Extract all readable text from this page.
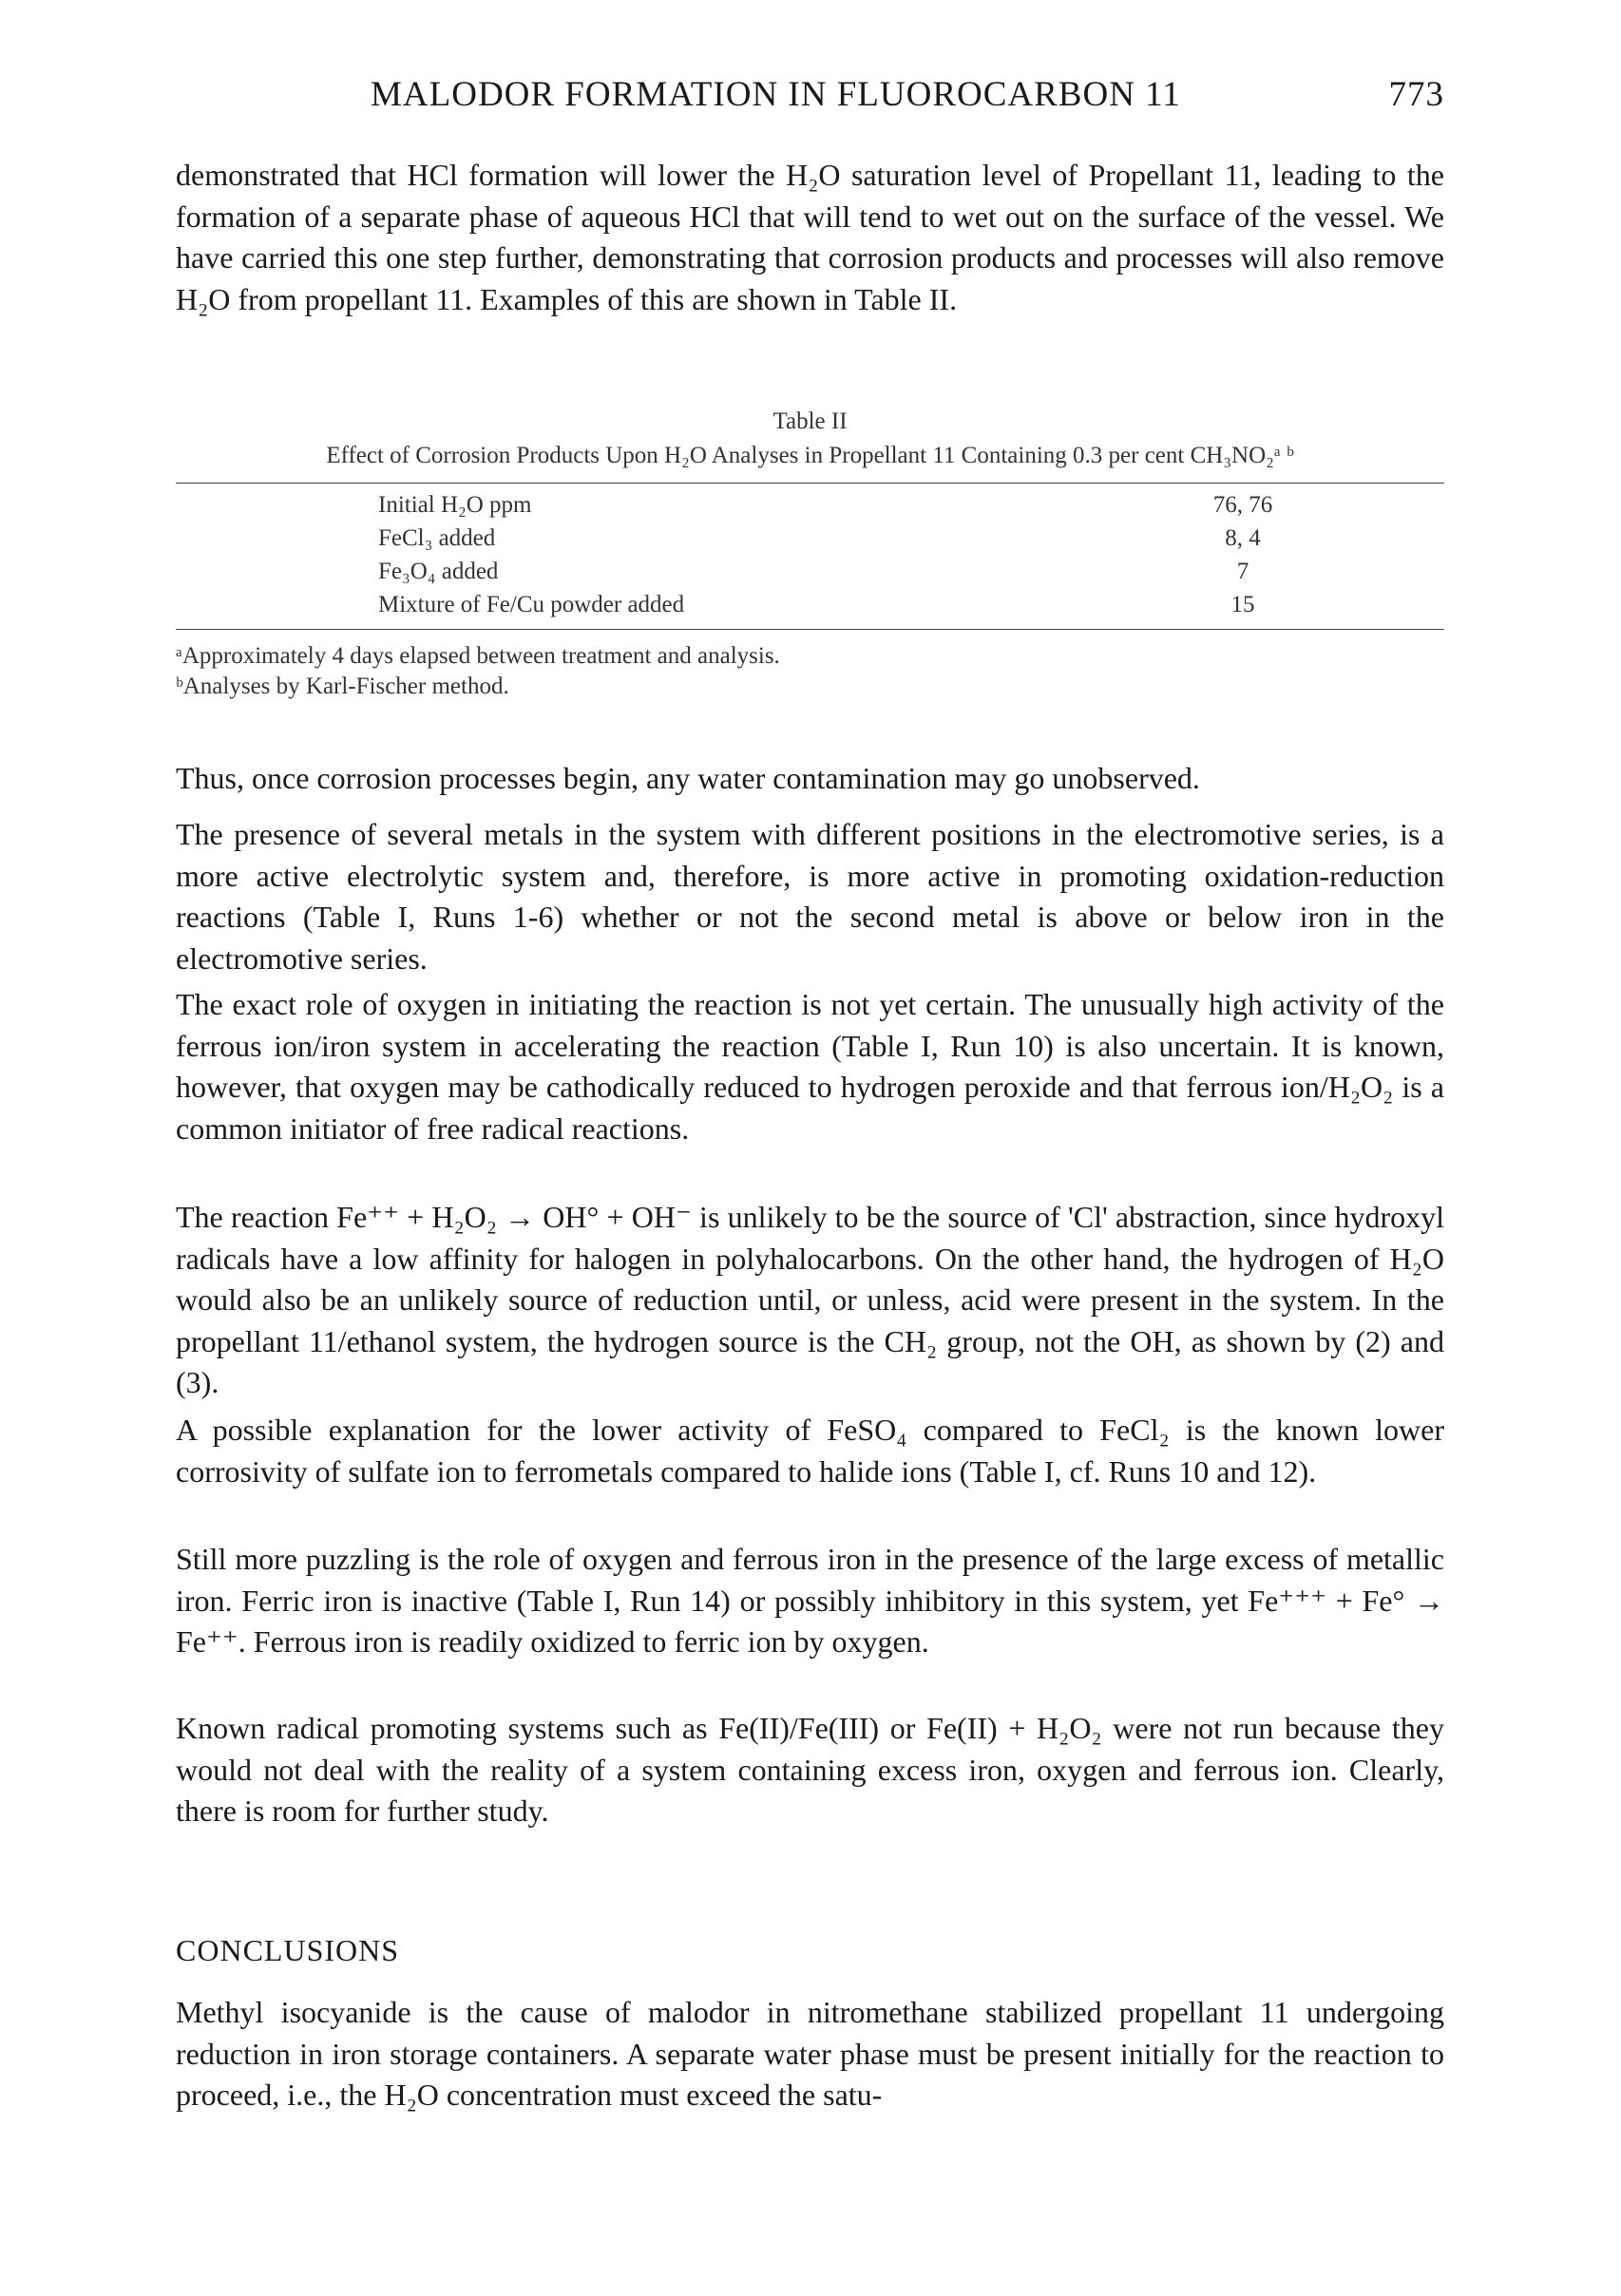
MALODOR FORMATION IN FLUOROCARBON 11	773

demonstrated that HCl formation will lower the H₂O saturation level of Propellant 11, leading to the formation of a separate phase of aqueous HCl that will tend to wet out on the surface of the vessel. We have carried this one step further, demonstrating that corrosion products and processes will also remove H₂O from propellant 11. Examples of this are shown in Table II.

Table II
Effect of Corrosion Products Upon H₂O Analyses in Propellant 11 Containing 0.3 per cent CH₃NO₂ᵃ ᵇ
Initial H₂O ppm	76, 76
FeCl₃ added	8, 4
Fe₃O₄ added	7
Mixture of Fe/Cu powder added	15
ᵃApproximately 4 days elapsed between treatment and analysis.
ᵇAnalyses by Karl-Fischer method.

Thus, once corrosion processes begin, any water contamination may go unobserved.

The presence of several metals in the system with different positions in the electromotive series, is a more active electrolytic system and, therefore, is more active in promoting oxidation-reduction reactions (Table I, Runs 1-6) whether or not the second metal is above or below iron in the electromotive series.

The exact role of oxygen in initiating the reaction is not yet certain. The unusually high activity of the ferrous ion/iron system in accelerating the reaction (Table I, Run 10) is also uncertain. It is known, however, that oxygen may be cathodically reduced to hydrogen peroxide and that ferrous ion/H₂O₂ is a common initiator of free radical reactions.

The reaction Fe⁺⁺ + H₂O₂ → OH° + OH⁻ is unlikely to be the source of 'Cl' abstraction, since hydroxyl radicals have a low affinity for halogen in polyhalocarbons. On the other hand, the hydrogen of H₂O would also be an unlikely source of reduction until, or unless, acid were present in the system. In the propellant 11/ethanol system, the hydrogen source is the CH₂ group, not the OH, as shown by (2) and (3).

A possible explanation for the lower activity of FeSO₄ compared to FeCl₂ is the known lower corrosivity of sulfate ion to ferrometals compared to halide ions (Table I, cf. Runs 10 and 12).

Still more puzzling is the role of oxygen and ferrous iron in the presence of the large excess of metallic iron. Ferric iron is inactive (Table I, Run 14) or possibly inhibitory in this system, yet Fe⁺⁺⁺ + Fe° → Fe⁺⁺. Ferrous iron is readily oxidized to ferric ion by oxygen.

Known radical promoting systems such as Fe(II)/Fe(III) or Fe(II) + H₂O₂ were not run because they would not deal with the reality of a system containing excess iron, oxygen and ferrous ion. Clearly, there is room for further study.

CONCLUSIONS

Methyl isocyanide is the cause of malodor in nitromethane stabilized propellant 11 undergoing reduction in iron storage containers. A separate water phase must be present initially for the reaction to proceed, i.e., the H₂O concentration must exceed the satu-
